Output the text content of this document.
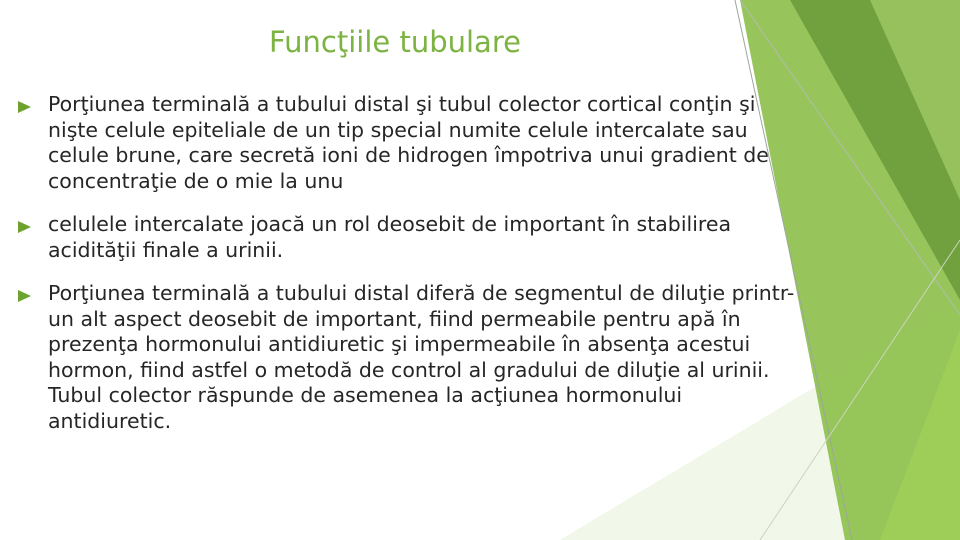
Funcţiile tubulare
Porţiunea terminală a tubului distal şi tubul colector cortical conţin şi nişte celule epiteliale de un tip special numite celule intercalate sau celule brune, care secretă ioni de hidrogen împotriva unui gradient de concentraţie de o mie la unu
celulele intercalate joacă un rol deosebit de important în stabilirea acidităţii finale a urinii.
Porţiunea terminală a tubului distal diferă de segmentul de diluţie printr-un alt aspect deosebit de important, fiind permeabile pentru apă în prezenţa hormonului antidiuretic şi impermeabile în absenţa acestui hormon, fiind astfel o metodă de control al gradului de diluţie al urinii. Tubul colector răspunde de asemenea la acţiunea hormonului antidiuretic.
